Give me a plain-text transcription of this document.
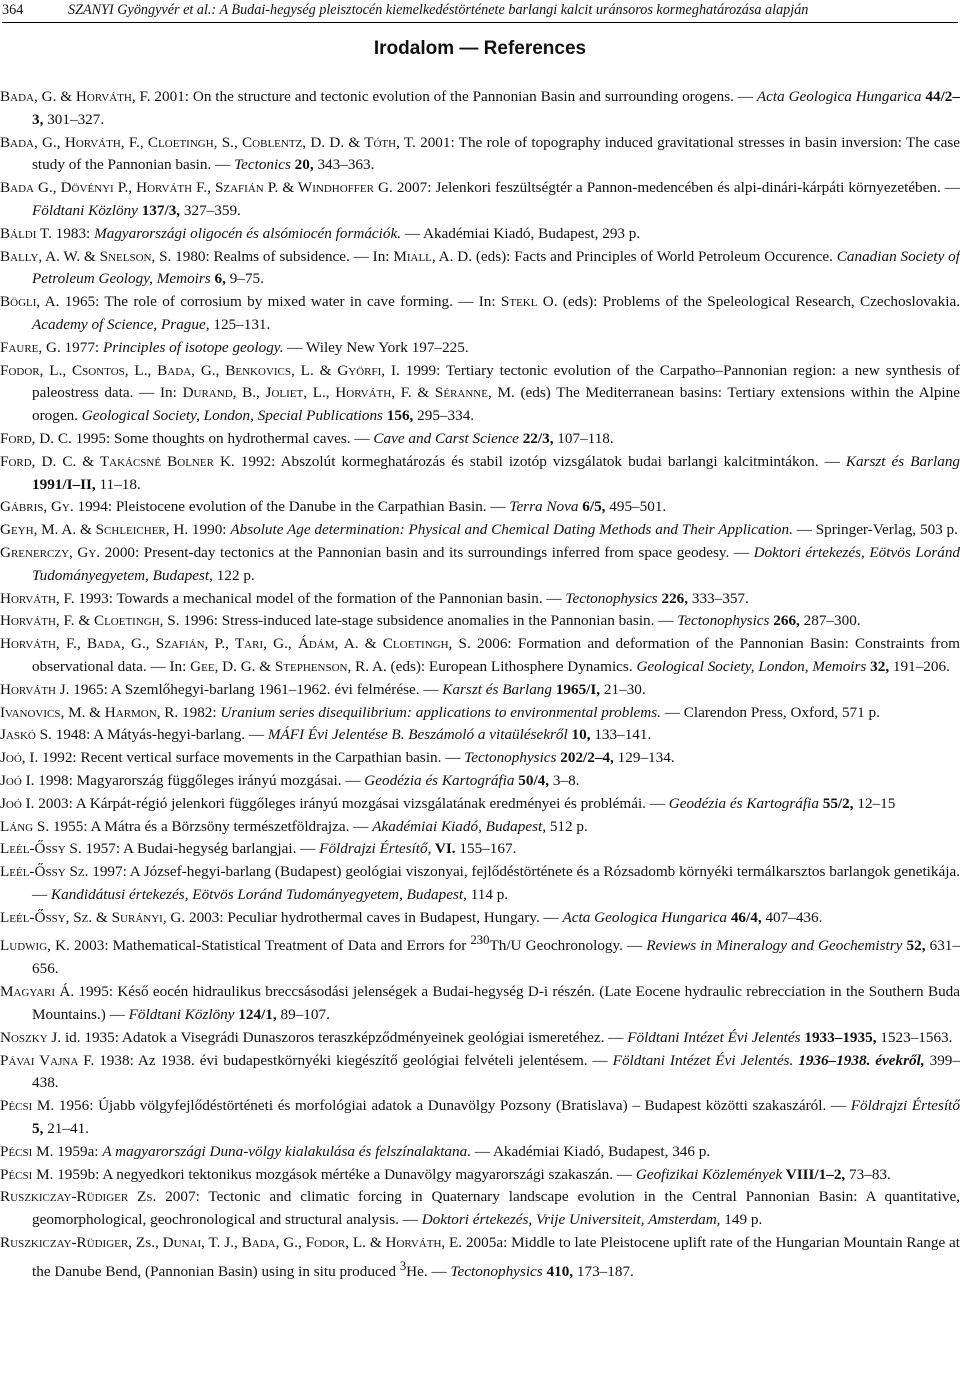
364	SZANYI Gyöngyvér et al.: A Budai-hegység pleisztocén kiemelkedéstörténete barlangi kalcit uránsoros kormeghatározása alapján
Irodalom — References

Bada, G. & Horváth, F. 2001: On the structure and tectonic evolution of the Pannonian Basin and surrounding orogens. — Acta Geologica Hungarica 44/2–3, 301–327.

Bada, G., Horváth, F., Cloetingh, S., Coblentz, D. D. & Tóth, T. 2001: The role of topography induced gravitational stresses in basin inversion: The case study of the Pannonian basin. — Tectonics 20, 343–363.

Bada G., Dövényi P., Horváth F., Szafián P. & Windhoffer G. 2007: Jelenkori feszültségtér a Pannon-medencében és alpi-dinári-kárpáti környezetében. — Földtani Közlöny 137/3, 327–359.

Báldi T. 1983: Magyarországi oligocén és alsómiocén formációk. — Akadémiai Kiadó, Budapest, 293 p.

Bally, A. W. & Snelson, S. 1980: Realms of subsidence. — In: Miall, A. D. (eds): Facts and Principles of World Petroleum Occurence. Canadian Society of Petroleum Geology, Memoirs 6, 9–75.

Bögli, A. 1965: The role of corrosium by mixed water in cave forming. — In: Stekl O. (eds): Problems of the Speleological Research, Czechoslovakia. Academy of Science, Prague, 125–131.

Faure, G. 1977: Principles of isotope geology. — Wiley New York 197–225.

Fodor, L., Csontos, L., Bada, G., Benkovics, L. & Györfi, I. 1999: Tertiary tectonic evolution of the Carpatho–Pannonian region: a new synthesis of paleostress data. — In: Durand, B., Joliet, L., Horváth, F. & Séranne, M. (eds) The Mediterranean basins: Tertiary extensions within the Alpine orogen. Geological Society, London, Special Publications 156, 295–334.

Ford, D. C. 1995: Some thoughts on hydrothermal caves. — Cave and Carst Science 22/3, 107–118.

Ford, D. C. & Takácsné Bolner K. 1992: Abszolút kormeghatározás és stabil izotóp vizsgálatok budai barlangi kalcitmintákon. — Karszt és Barlang 1991/I–II, 11–18.

Gábris, Gy. 1994: Pleistocene evolution of the Danube in the Carpathian Basin. — Terra Nova 6/5, 495–501.

Geyh, M. A. & Schleicher, H. 1990: Absolute Age determination: Physical and Chemical Dating Methods and Their Application. — Springer-Verlag, 503 p.

Grenerczy, Gy. 2000: Present-day tectonics at the Pannonian basin and its surroundings inferred from space geodesy. — Doktori értekezés, Eötvös Loránd Tudományegyetem, Budapest, 122 p.

Horváth, F. 1993: Towards a mechanical model of the formation of the Pannonian basin. — Tectonophysics 226, 333–357.

Horváth, F. & Cloetingh, S. 1996: Stress-induced late-stage subsidence anomalies in the Pannonian basin. — Tectonophysics 266, 287–300.

Horváth, F., Bada, G., Szafián, P., Tari, G., Ádám, A. & Cloetingh, S. 2006: Formation and deformation of the Pannonian Basin: Constraints from observational data. — In: Gee, D. G. & Stephenson, R. A. (eds): European Lithosphere Dynamics. Geological Society, London, Memoirs 32, 191–206.

Horváth J. 1965: A Szemlőhegyi-barlang 1961–1962. évi felmérése. — Karszt és Barlang 1965/I, 21–30.

Ivanovics, M. & Harmon, R. 1982: Uranium series disequilibrium: applications to environmental problems. — Clarendon Press, Oxford, 571 p.

Jaskó S. 1948: A Mátyás-hegyi-barlang. — MÁFI Évi Jelentése B. Beszámoló a vitaülésekről 10, 133–141.

Joó, I. 1992: Recent vertical surface movements in the Carpathian basin. — Tectonophysics 202/2–4, 129–134.

Joó I. 1998: Magyarország függőleges irányú mozgásai. — Geodézia és Kartográfia 50/4, 3–8.

Joó I. 2003: A Kárpát-régió jelenkori függőleges irányú mozgásai vizsgálatának eredményei és problémái. — Geodézia és Kartográfia 55/2, 12–15

Láng S. 1955: A Mátra és a Börzsöny természetföldrajza. — Akadémiai Kiadó, Budapest, 512 p.

Leél-Őssy S. 1957: A Budai-hegység barlangjai. — Földrajzi Értesítő, VI. 155–167.

Leél-Őssy Sz. 1997: A József-hegyi-barlang (Budapest) geológiai viszonyai, fejlődéstörténete és a Rózsadomb környéki termálkarsztos barlangok genetikája. — Kandidátusi értekezés, Eötvös Loránd Tudományegyetem, Budapest, 114 p.

Leél-Őssy, Sz. & Surányi, G. 2003: Peculiar hydrothermal caves in Budapest, Hungary. — Acta Geologica Hungarica 46/4, 407–436.

Ludwig, K. 2003: Mathematical-Statistical Treatment of Data and Errors for $^{230}$Th/U Geochronology. — Reviews in Mineralogy and Geochemistry 52, 631–656.

Magyari Á. 1995: Késő eocén hidraulikus breccsásodási jelenségek a Budai-hegység D-i részén. (Late Eocene hydraulic rebrecciation in the Southern Buda Mountains.) — Földtani Közlöny 124/1, 89–107.

Noszky J. id. 1935: Adatok a Visegrádi Dunaszoros teraszképződményeinek geológiai ismeretéhez. — Földtani Intézet Évi Jelentés 1933–1935, 1523–1563.

Pávai Vajna F. 1938: Az 1938. évi budapestkörnyéki kiegészítő geológiai felvételi jelentésem. — Földtani Intézet Évi Jelentés. 1936–1938. évekről, 399–438.

Pécsi M. 1956: Újabb völgyfejlődéstörténeti és morfológiai adatok a Dunavölgy Pozsony (Bratislava) – Budapest közötti szakaszáról. — Földrajzi Értesítő 5, 21–41.

Pécsi M. 1959a: A magyarországi Duna-völgy kialakulása és felszínalaktana. — Akadémiai Kiadó, Budapest, 346 p.

Pécsi M. 1959b: A negyedkori tektonikus mozgások mértéke a Dunavölgy magyarországi szakaszán. — Geofizikai Közlemények VIII/1–2, 73–83.

Ruszkiczay-Rüdiger Zs. 2007: Tectonic and climatic forcing in Quaternary landscape evolution in the Central Pannonian Basin: A quantitative, geomorphological, geochronological and structural analysis. — Doktori értekezés, Vrije Universiteit, Amsterdam, 149 p.

Ruszkiczay-Rüdiger, Zs., Dunai, T. J., Bada, G., Fodor, L. & Horváth, E. 2005a: Middle to late Pleistocene uplift rate of the Hungarian Mountain Range at the Danube Bend, (Pannonian Basin) using in situ produced $^3$He. — Tectonophysics 410, 173–187.
